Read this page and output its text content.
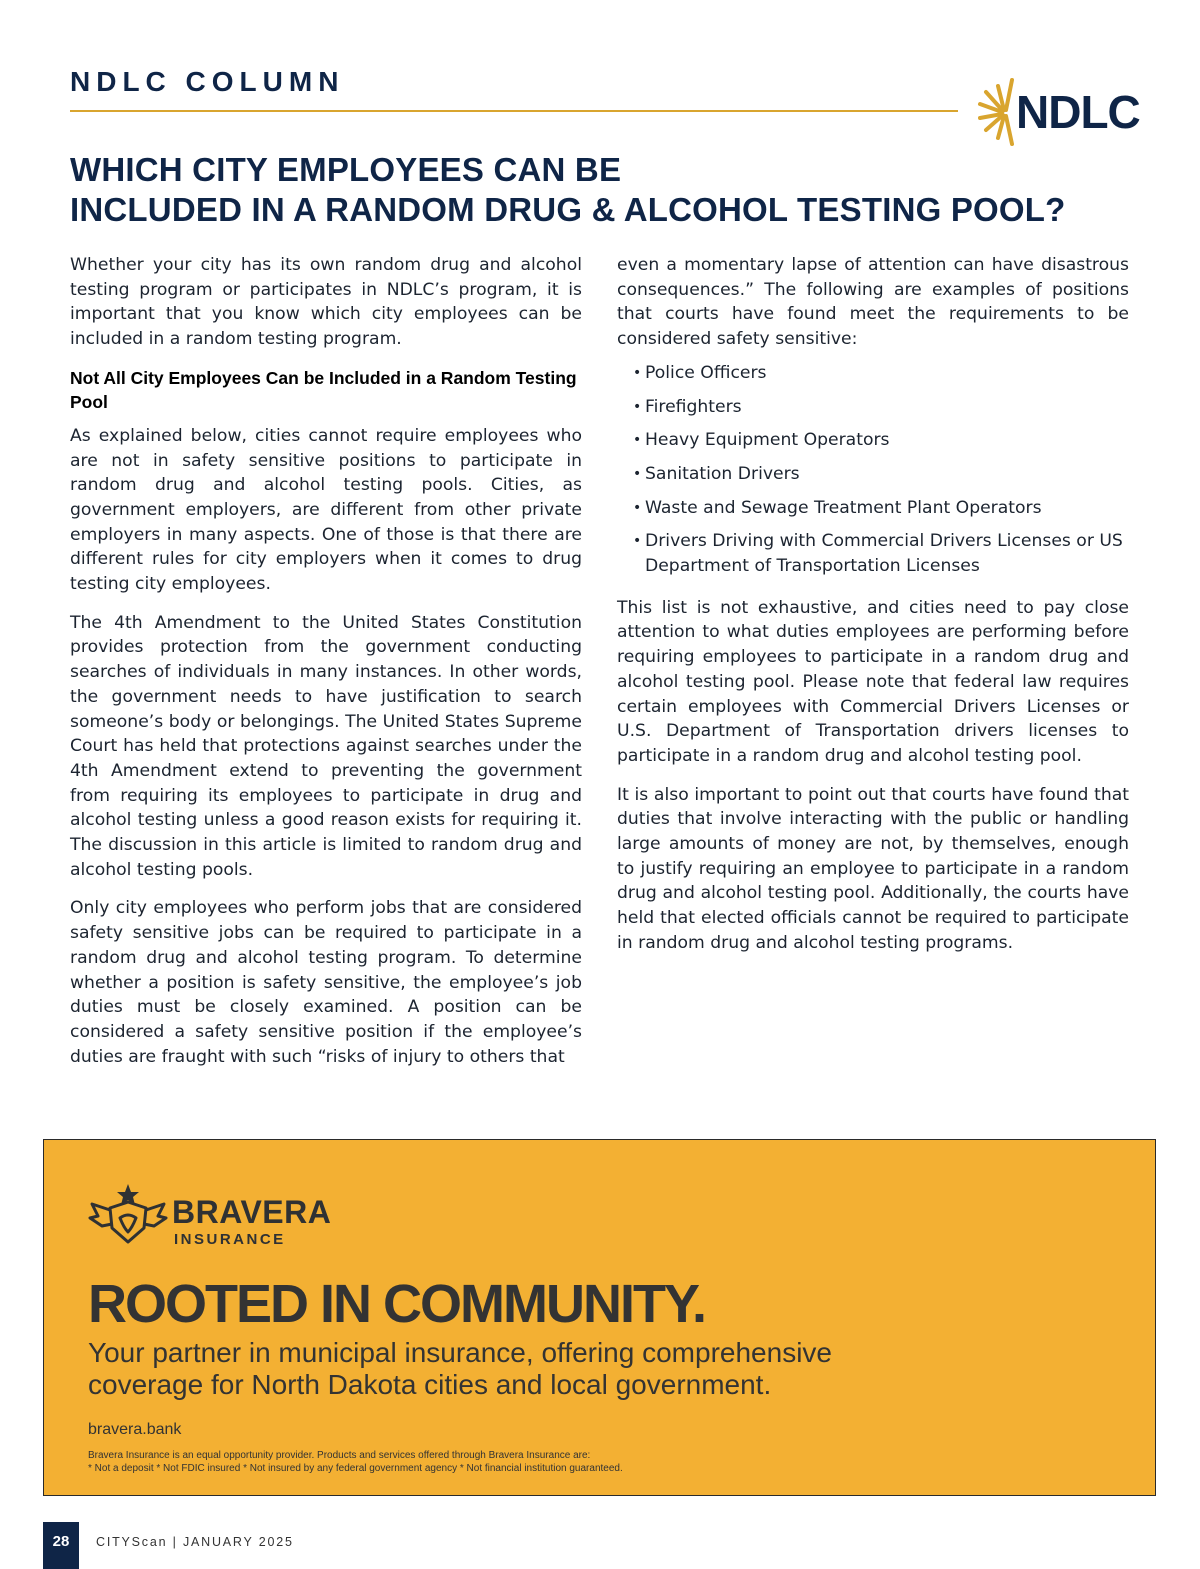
NDLC COLUMN
NDLC
WHICH CITY EMPLOYEES CAN BE
INCLUDED IN A RANDOM DRUG & ALCOHOL TESTING POOL?

Whether your city has its own random drug and alcohol testing program or participates in NDLC’s program, it is important that you know which city employees can be included in a random testing program.

Not All City Employees Can be Included in a Random Testing Pool

As explained below, cities cannot require employees who are not in safety sensitive positions to participate in random drug and alcohol testing pools. Cities, as government employers, are different from other private employers in many aspects. One of those is that there are different rules for city employers when it comes to drug testing city employees.

The 4th Amendment to the United States Constitution provides protection from the government conducting searches of individuals in many instances. In other words, the government needs to have justification to search someone’s body or belongings. The United States Supreme Court has held that protections against searches under the 4th Amendment extend to preventing the government from requiring its employees to participate in drug and alcohol testing unless a good reason exists for requiring it. The discussion in this article is limited to random drug and alcohol testing pools.

Only city employees who perform jobs that are considered safety sensitive jobs can be required to participate in a random drug and alcohol testing program. To determine whether a position is safety sensitive, the employee’s job duties must be closely examined. A position can be considered a safety sensitive position if the employee’s duties are fraught with such “risks of injury to others that

even a momentary lapse of attention can have disastrous consequences.” The following are examples of positions that courts have found meet the requirements to be considered safety sensitive:

• Police Officers
• Firefighters
• Heavy Equipment Operators
• Sanitation Drivers
• Waste and Sewage Treatment Plant Operators
• Drivers Driving with Commercial Drivers Licenses or US Department of Transportation Licenses

This list is not exhaustive, and cities need to pay close attention to what duties employees are performing before requiring employees to participate in a random drug and alcohol testing pool. Please note that federal law requires certain employees with Commercial Drivers Licenses or U.S. Department of Transportation drivers licenses to participate in a random drug and alcohol testing pool.

It is also important to point out that courts have found that duties that involve interacting with the public or handling large amounts of money are not, by themselves, enough to justify requiring an employee to participate in a random drug and alcohol testing pool. Additionally, the courts have held that elected officials cannot be required to participate in random drug and alcohol testing programs.

BRAVERA
INSURANCE
ROOTED IN COMMUNITY.
Your partner in municipal insurance, offering comprehensive
coverage for North Dakota cities and local government.
bravera.bank
Bravera Insurance is an equal opportunity provider. Products and services offered through Bravera Insurance are:
* Not a deposit * Not FDIC insured * Not insured by any federal government agency * Not financial institution guaranteed.
28	CITYScan | JANUARY 2025
